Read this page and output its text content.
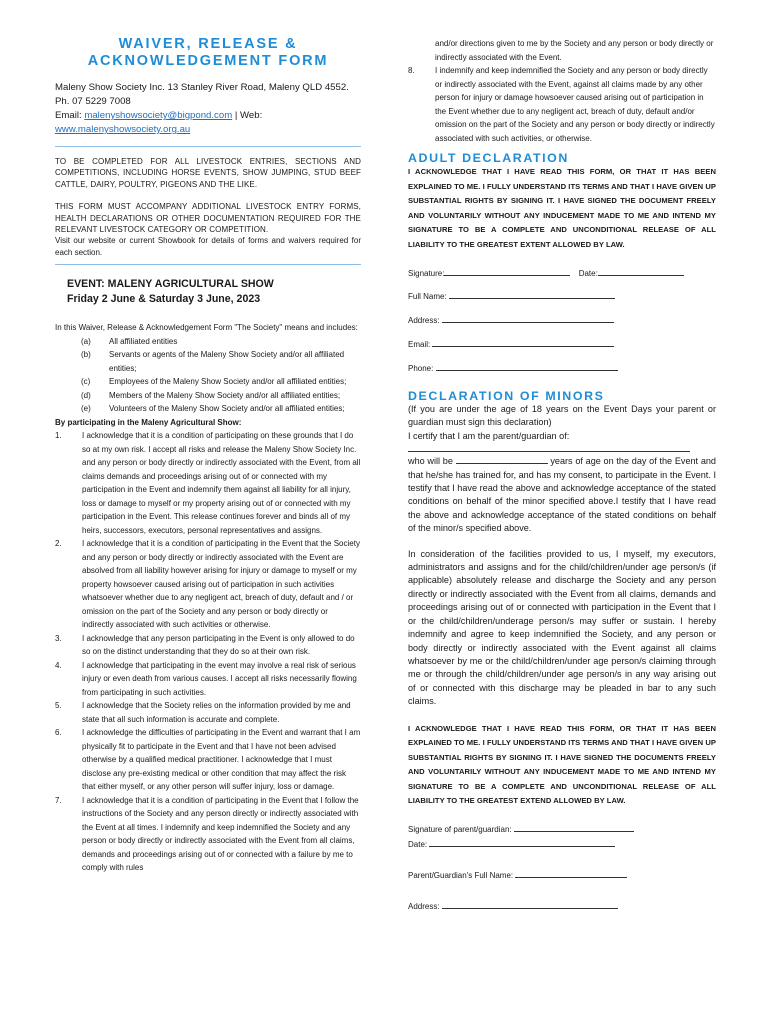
WAIVER, RELEASE &
ACKNOWLEDGEMENT FORM

Maleny Show Society Inc. 13 Stanley River Road, Maleny QLD 4552.
Ph. 07 5229 7008
Email: malenyshowsociety@bigpond.com | Web:
www.malenyshowsociety.org.au
TO BE COMPLETED FOR ALL LIVESTOCK ENTRIES, SECTIONS AND COMPETITIONS, INCLUDING HORSE EVENTS, SHOW JUMPING, STUD BEEF CATTLE, DAIRY, POULTRY, PIGEONS AND THE LIKE.
THIS FORM MUST ACCOMPANY ADDITIONAL LIVESTOCK ENTRY FORMS, HEALTH DECLARATIONS OR OTHER DOCUMENTATION REQUIRED FOR THE RELEVANT LIVESTOCK CATEGORY OR COMPETITION.
Visit our website or current Showbook for details of forms and waivers required for each section.
EVENT: MALENY AGRICULTURAL SHOW
Friday 2 June & Saturday 3 June, 2023
In this Waiver, Release & Acknowledgement Form "The Society" means and includes:
(a)	All affiliated entities
(b)	Servants or agents of the Maleny Show Society and/or all affiliated entities;
(c)	Employees of the Maleny Show Society and/or all affiliated entities;
(d)	Members of the Maleny Show Society and/or all affiliated entities;
(e)	Volunteers of the Maleny Show Society and/or all affiliated entities;
By participating in the Maleny Agricultural Show:
1.	I acknowledge that it is a condition of participating on these grounds that I do so at my own risk. I accept all risks and release the Maleny Show Society Inc. and any person or body directly or indirectly associated with the Event, from all claims demands and proceedings arising out of or connected with my participation in the Event and indemnify them against all liability for all injury, loss or damage to myself or my property arising out of or connected with my participation in the Event. This release continues forever and binds all of my heirs, successors, executors, personal representatives and assigns.
2.	I acknowledge that it is a condition of participating in the Event that the Society and any person or body directly or indirectly associated with the Event are absolved from all liability however arising for injury or damage to myself or my property howsoever caused arising out of participation in such activities whatsoever whether due to any negligent act, breach of duty, default and / or omission on the part of the Society and any person or body directly or indirectly associated with such activities or otherwise.
3.	I acknowledge that any person participating in the Event is only allowed to do so on the distinct understanding that they do so at their own risk.
4.	I acknowledge that participating in the event may involve a real risk of serious injury or even death from various causes. I accept all risks necessarily flowing from participating in such activities.
5.	I acknowledge that the Society relies on the information provided by me and state that all such information is accurate and complete.
6.	I acknowledge the difficulties of participating in the Event and warrant that I am physically fit to participate in the Event and that I have not been advised otherwise by a qualified medical practitioner. I acknowledge that I must disclose any pre-existing medical or other condition that may affect the risk that either myself, or any other person will suffer injury, loss or damage.
7.	I acknowledge that it is a condition of participating in the Event that I follow the instructions of the Society and any person directly or indirectly associated with the Event at all times. I indemnify and keep indemnified the Society and any person or body directly or indirectly associated with the Event from all claims, demands and proceedings arising out of or connected with a failure by me to comply with rules
and/or directions given to me by the Society and any person or body directly or indirectly associated with the Event.
8.	I indemnify and keep indemnified the Society and any person or body directly or indirectly associated with the Event, against all claims made by any other person for injury or damage howsoever caused arising out of participation in the Event whether due to any negligent act, breach of duty, default and/or omission on the part of the Society and any person or body directly or indirectly associated with such activities, or otherwise.

ADULT DECLARATION

I ACKNOWLEDGE THAT I HAVE READ THIS FORM, OR THAT IT HAS BEEN EXPLAINED TO ME. I FULLY UNDERSTAND ITS TERMS AND THAT I HAVE GIVEN UP SUBSTANTIAL RIGHTS BY SIGNING IT. I HAVE SIGNED THE DOCUMENT FREELY AND VOLUNTARILY WITHOUT ANY INDUCEMENT MADE TO ME AND INTEND MY SIGNATURE TO BE A COMPLETE AND UNCONDITIONAL RELEASE OF ALL LIABILITY TO THE GREATEST EXTENT ALLOWED BY LAW.
Signature:	Date:
Full Name:
Address:
Email:
Phone:

DECLARATION OF MINORS

(If you are under the age of 18 years on the Event Days your parent or guardian must sign this declaration)
I certify that I am the parent/guardian of:
who will be	years of age on the day of the Event and that he/she has trained for, and has my consent, to participate in the Event. I testify that I have read the above and acknowledge acceptance of the stated conditions on behalf of the minor specified above.I testify that I have read the above and acknowledge acceptance of the stated conditions on behalf of the minor/s specified above.
In consideration of the facilities provided to us, I myself, my executors, administrators and assigns and for the child/children/under age person/s (if applicable) absolutely release and discharge the Society and any person directly or indirectly associated with the Event from all claims, demands and proceedings arising out of or connected with participation in the Event that I or the child/children/underage person/s may suffer or sustain. I hereby indemnify and agree to keep indemnified the Society, and any person or body directly or indirectly associated with the Event against all claims whatsoever by me or the child/children/under age person/s claiming through me or through the child/children/under age person/s in any way arising out of or connected with this discharge may be pleaded in bar to any such claims.
I ACKNOWLEDGE THAT I HAVE READ THIS FORM, OR THAT IT HAS BEEN EXPLAINED TO ME. I FULLY UNDERSTAND ITS TERMS AND THAT I HAVE GIVEN UP SUBSTANTIAL RIGHTS BY SIGNING IT. I HAVE SIGNED THE DOCUMENTS FREELY AND VOLUNTARILY WITHOUT ANY INDUCEMENT MADE TO ME AND INTEND MY SIGNATURE TO BE A COMPLETE AND UNCONDITIONAL RELEASE OF ALL LIABILITY TO THE GREATEST EXTEND ALLOWED BY LAW.
Signature of parent/guardian:
Date:
Parent/Guardian's Full Name:
Address:
